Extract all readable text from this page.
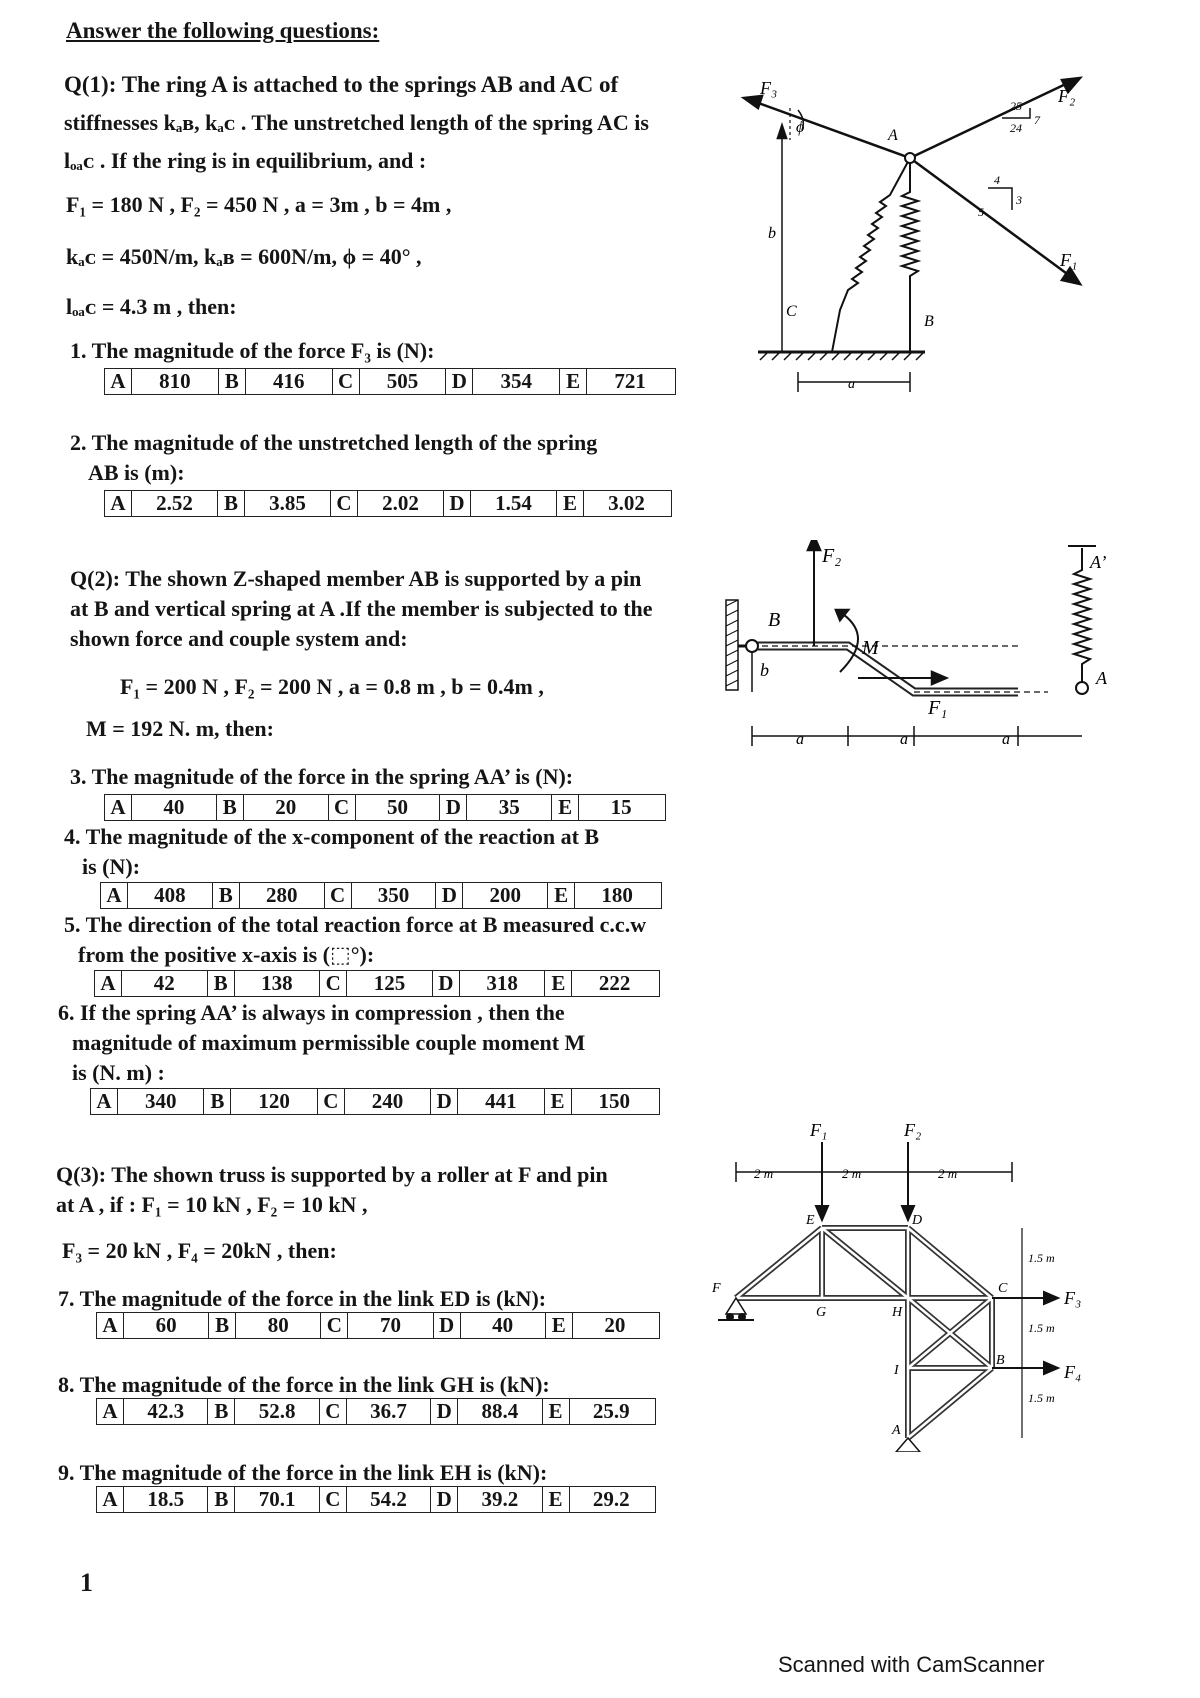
Answer the following questions:
Q(1): The ring A is attached to the springs AB and AC of
stiffnesses kₐʙ, kₐᴄ . The unstretched length of the spring AC is
lₒₐᴄ . If the ring is in equilibrium, and :
F₁ = 180 N , F₂ = 450 N , a = 3m , b = 4m ,
kₐᴄ = 450N/m, kₐʙ = 600N/m, ϕ = 40° ,
lₒₐᴄ = 4.3 m , then:
1. The magnitude of the force F₃ is (N):
A	810	B	416	C	505	D	354	E	721
2. The magnitude of the unstretched length of the spring
AB is (m):
A	2.52	B	3.85	C	2.02	D	1.54	E	3.02
Q(2): The shown Z-shaped member AB is supported by a pin
at B and vertical spring at A .If the member is subjected to the
shown force and couple system and:
F₁ = 200 N , F₂ = 200 N , a = 0.8 m , b = 0.4m ,
M = 192 N. m, then:
3. The magnitude of the force in the spring AA’ is (N):
A	40	B	20	C	50	D	35	E	15
4. The magnitude of the x-component of the reaction at B
is (N):
A	408	B	280	C	350	D	200	E	180
5. The direction of the total reaction force at B measured c.c.w
from the positive x-axis is (⬚°):
A	42	B	138	C	125	D	318	E	222
6. If the spring AA’ is always in compression , then the
magnitude of maximum permissible couple moment M
is (N. m) :
A	340	B	120	C	240	D	441	E	150
Q(3): The shown truss is supported by a roller at F and pin
at A , if : F₁ = 10 kN , F₂ = 10 kN ,
F₃ = 20 kN , F₄ = 20kN , then:
7. The magnitude of the force in the link ED is (kN):
A	60	B	80	C	70	D	40	E	20
8. The magnitude of the force in the link GH is (kN):
A	42.3	B	52.8	C	36.7	D	88.4	E	25.9
9. The magnitude of the force in the link EH is (kN):
A	18.5	B	70.1	C	54.2	D	39.2	E	29.2
1
Scanned with CamScanner
F₃	F₂
F₁
ϕ	A
B
C
b
a
25
24
7
4
3
5
B
F₂
M
F₁
A’
A
b
a	a	a
F₁	F₂
F₃
F₄
2 m	2 m	2 m
1.5 m
1.5 m
1.5 m
E	D
C
B
G	H
I
F
A
